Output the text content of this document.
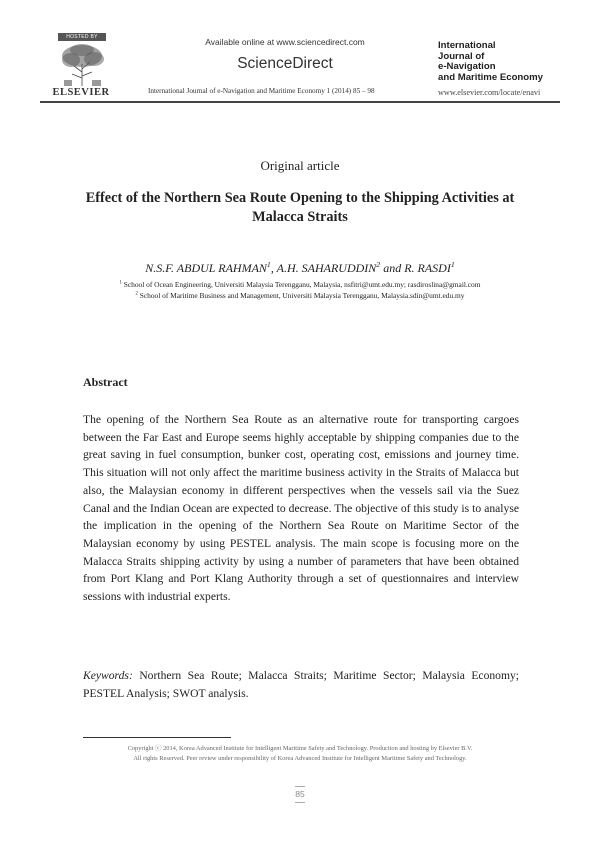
HOSTED BY
ELSEVIER
Available online at www.sciencedirect.com
ScienceDirect
International Journal of e-Navigation and Maritime Economy 1 (2014) 85 – 98
International
Journal of
e-Navigation
and Maritime Economy
www.elsevier.com/locate/enavi
Original article
Effect of the Northern Sea Route Opening to the Shipping Activities at Malacca Straits
N.S.F. ABDUL RAHMAN$^1$, A.H. SAHARUDDIN$^2$ and R. RASDI$^1$
$^1$ School of Ocean Engineering, Universiti Malaysia Terengganu, Malaysia, nsfitri@umt.edu.my; rasdiroslina@gmail.com
$^2$ School of Maritime Business and Management, Universiti Malaysia Terengganu, Malaysia.sdin@umt.edu.my
Abstract
The opening of the Northern Sea Route as an alternative route for transporting cargoes between the Far East and Europe seems highly acceptable by shipping companies due to the great saving in fuel consumption, bunker cost, operating cost, emissions and journey time. This situation will not only affect the maritime business activity in the Straits of Malacca but also, the Malaysian economy in different perspectives when the vessels sail via the Suez Canal and the Indian Ocean are expected to decrease. The objective of this study is to analyse the implication in the opening of the Northern Sea Route on Maritime Sector of the Malaysian economy by using PESTEL analysis. The main scope is focusing more on the Malacca Straits shipping activity by using a number of parameters that have been obtained from Port Klang and Port Klang Authority through a set of questionnaires and interview sessions with industrial experts.
Keywords: Northern Sea Route; Malacca Straits; Maritime Sector; Malaysia Economy; PESTEL Analysis; SWOT analysis.
Copyright ⓒ 2014, Korea Advanced Institute for Intelligent Maritime Safety and Technology. Production and hosting by Elsevier B.V.
All rights Reserved. Peer review under responsibility of Korea Advanced Institute for Intelligent Maritime Safety and Technology.
85
